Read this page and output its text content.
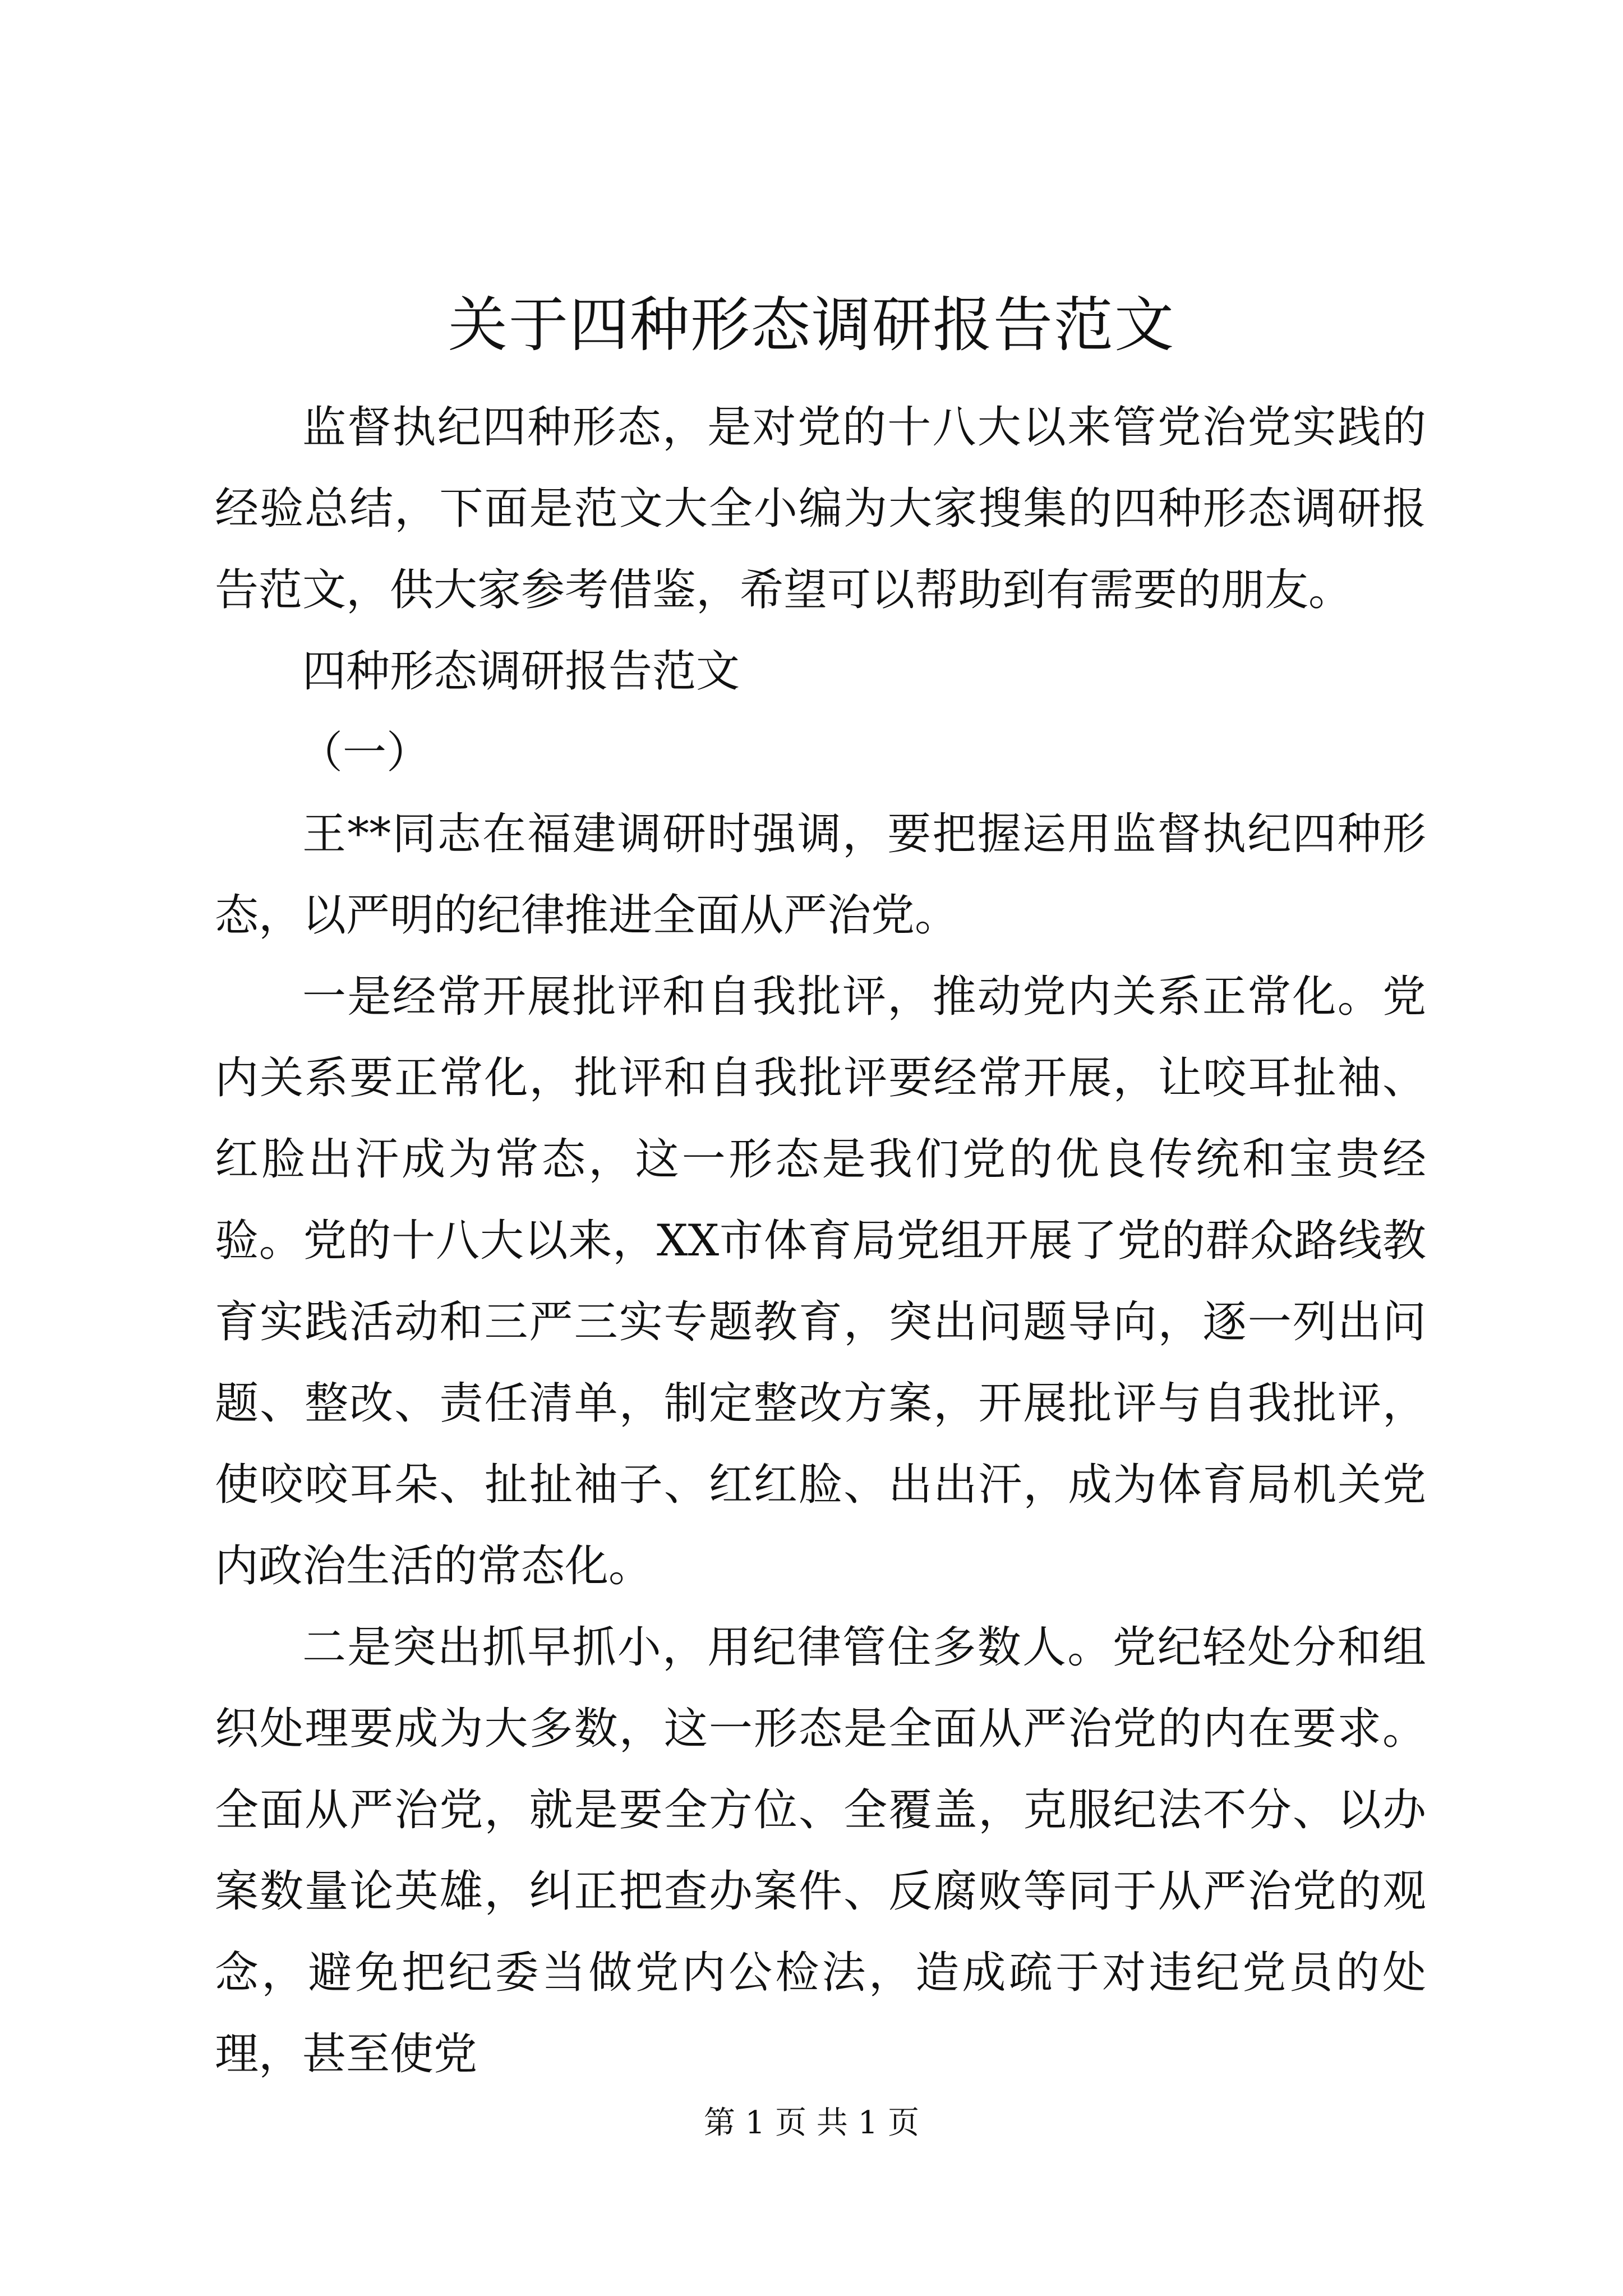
关于四种形态调研报告范文

监督执纪四种形态，是对党的十八大以来管党治党实践的经验总结，下面是范文大全小编为大家搜集的四种形态调研报告范文，供大家参考借鉴，希望可以帮助到有需要的朋友。

四种形态调研报告范文

（一）

王**同志在福建调研时强调，要把握运用监督执纪四种形态，以严明的纪律推进全面从严治党。

一是经常开展批评和自我批评，推动党内关系正常化。党内关系要正常化，批评和自我批评要经常开展，让咬耳扯袖、红脸出汗成为常态，这一形态是我们党的优良传统和宝贵经验。党的十八大以来，XX市体育局党组开展了党的群众路线教育实践活动和三严三实专题教育，突出问题导向，逐一列出问题、整改、责任清单，制定整改方案，开展批评与自我批评，使咬咬耳朵、扯扯袖子、红红脸、出出汗，成为体育局机关党内政治生活的常态化。

二是突出抓早抓小，用纪律管住多数人。党纪轻处分和组织处理要成为大多数，这一形态是全面从严治党的内在要求。全面从严治党，就是要全方位、全覆盖，克服纪法不分、以办案数量论英雄，纠正把查办案件、反腐败等同于从严治党的观念，避免把纪委当做党内公检法，造成疏于对违纪党员的处理，甚至使党

第 1 页 共 1 页
